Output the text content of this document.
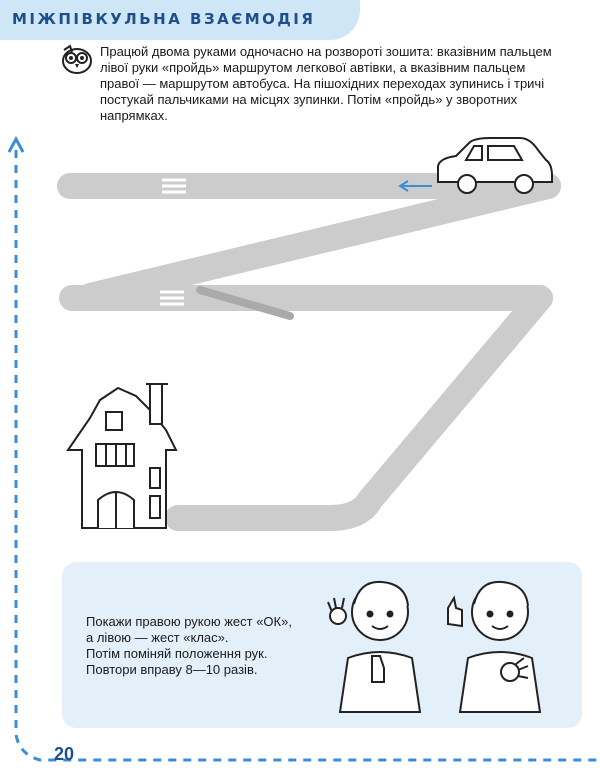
МІЖПІВКУЛЬНА ВЗАЄМОДІЯ
Працюй двома руками одночасно на розвороті зошита: вказівним пальцем лівої руки «пройдь» маршрутом легкової автівки, а вказівним пальцем правої — маршрутом автобуса. На пішохідних переходах зупинись і тричі постукай пальчиками на місцях зупинки. Потім «пройдь» у зворотних напрямках.
Покажи правою рукою жест «ОК»,
а лівою — жест «клас».
Потім поміняй положення рук.
Повтори вправу 8—10 разів.
20
